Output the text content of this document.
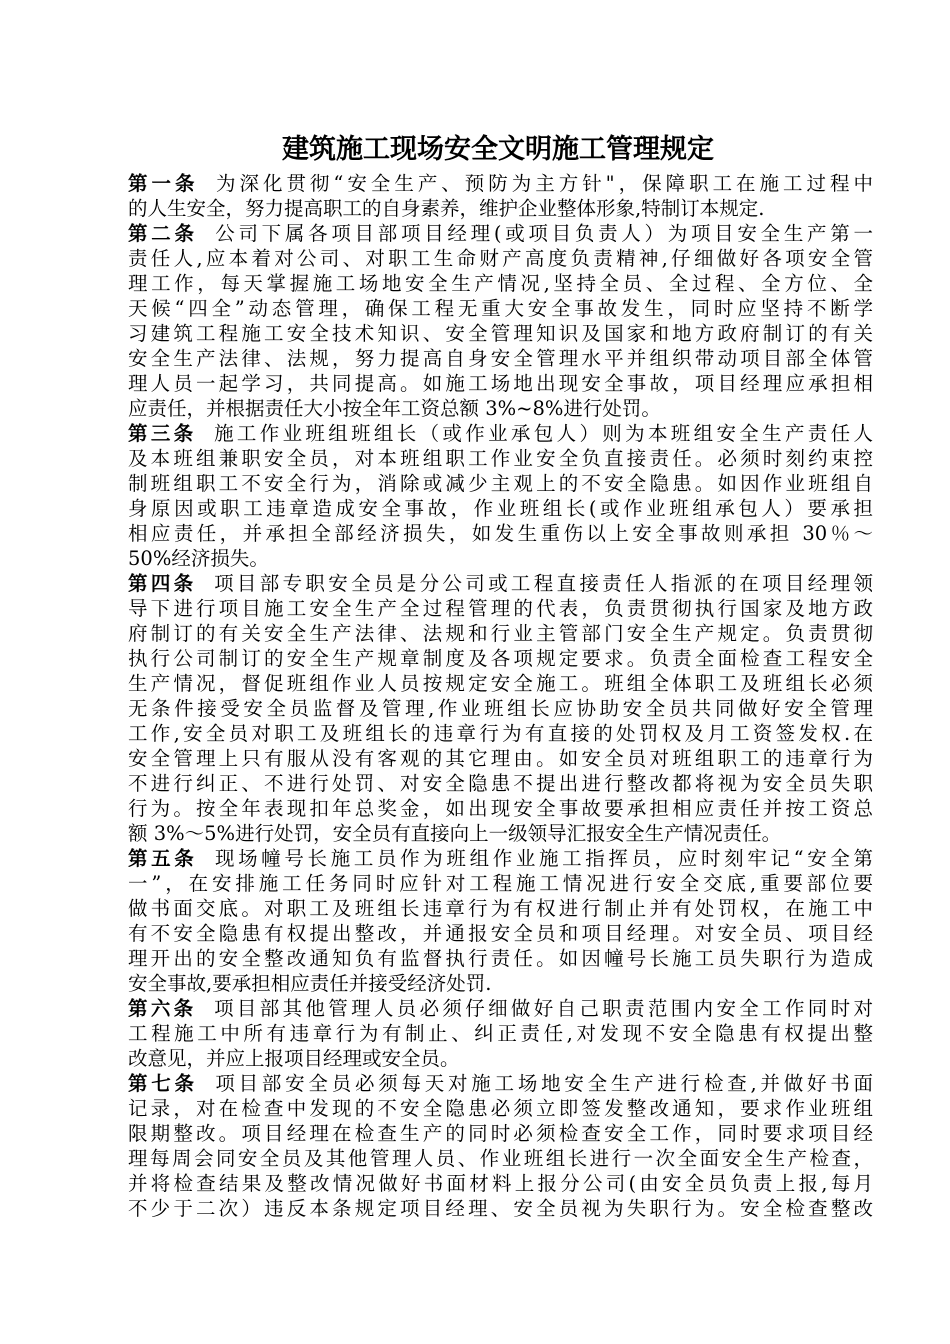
建筑施工现场安全文明施工管理规定
第一条 为深化贯彻“安全生产、预防为主方针"，保障职工在施工过程中
的人生安全，努力提高职工的自身素养，维护企业整体形象,特制订本规定.
第二条 公司下属各项目部项目经理(或项目负责人）为项目安全生产第一
责任人,应本着对公司、对职工生命财产高度负责精神,仔细做好各项安全管
理工作，每天掌握施工场地安全生产情况,坚持全员、全过程、全方位、全
天候“四全”动态管理，确保工程无重大安全事故发生，同时应坚持不断学
习建筑工程施工安全技术知识、安全管理知识及国家和地方政府制订的有关
安全生产法律、法规，努力提高自身安全管理水平并组织带动项目部全体管
理人员一起学习，共同提高。如施工场地出现安全事故，项目经理应承担相
应责任，并根据责任大小按全年工资总额 3%~8%进行处罚。
第三条 施工作业班组班组长（或作业承包人）则为本班组安全生产责任人
及本班组兼职安全员，对本班组职工作业安全负直接责任。必须时刻约束控
制班组职工不安全行为，消除或减少主观上的不安全隐患。如因作业班组自
身原因或职工违章造成安全事故，作业班组长(或作业班组承包人）要承担
相应责任，并承担全部经济损失，如发生重伤以上安全事故则承担 30％～
50%经济损失。
第四条 项目部专职安全员是分公司或工程直接责任人指派的在项目经理领
导下进行项目施工安全生产全过程管理的代表，负责贯彻执行国家及地方政
府制订的有关安全生产法律、法规和行业主管部门安全生产规定。负责贯彻
执行公司制订的安全生产规章制度及各项规定要求。负责全面检查工程安全
生产情况，督促班组作业人员按规定安全施工。班组全体职工及班组长必须
无条件接受安全员监督及管理,作业班组长应协助安全员共同做好安全管理
工作,安全员对职工及班组长的违章行为有直接的处罚权及月工资签发权.在
安全管理上只有服从没有客观的其它理由。如安全员对班组职工的违章行为
不进行纠正、不进行处罚、对安全隐患不提出进行整改都将视为安全员失职
行为。按全年表现扣年总奖金，如出现安全事故要承担相应责任并按工资总
额 3%～5%进行处罚，安全员有直接向上一级领导汇报安全生产情况责任。
第五条 现场幢号长施工员作为班组作业施工指挥员，应时刻牢记“安全第
一”，在安排施工任务同时应针对工程施工情况进行安全交底,重要部位要
做书面交底。对职工及班组长违章行为有权进行制止并有处罚权，在施工中
有不安全隐患有权提出整改，并通报安全员和项目经理。对安全员、项目经
理开出的安全整改通知负有监督执行责任。如因幢号长施工员失职行为造成
安全事故,要承担相应责任并接受经济处罚.
第六条 项目部其他管理人员必须仔细做好自己职责范围内安全工作同时对
工程施工中所有违章行为有制止、纠正责任,对发现不安全隐患有权提出整
改意见，并应上报项目经理或安全员。
第七条 项目部安全员必须每天对施工场地安全生产进行检查,并做好书面
记录，对在检查中发现的不安全隐患必须立即签发整改通知，要求作业班组
限期整改。项目经理在检查生产的同时必须检查安全工作，同时要求项目经
理每周会同安全员及其他管理人员、作业班组长进行一次全面安全生产检查，
并将检查结果及整改情况做好书面材料上报分公司(由安全员负责上报,每月
不少于二次）违反本条规定项目经理、安全员视为失职行为。安全检查整改
